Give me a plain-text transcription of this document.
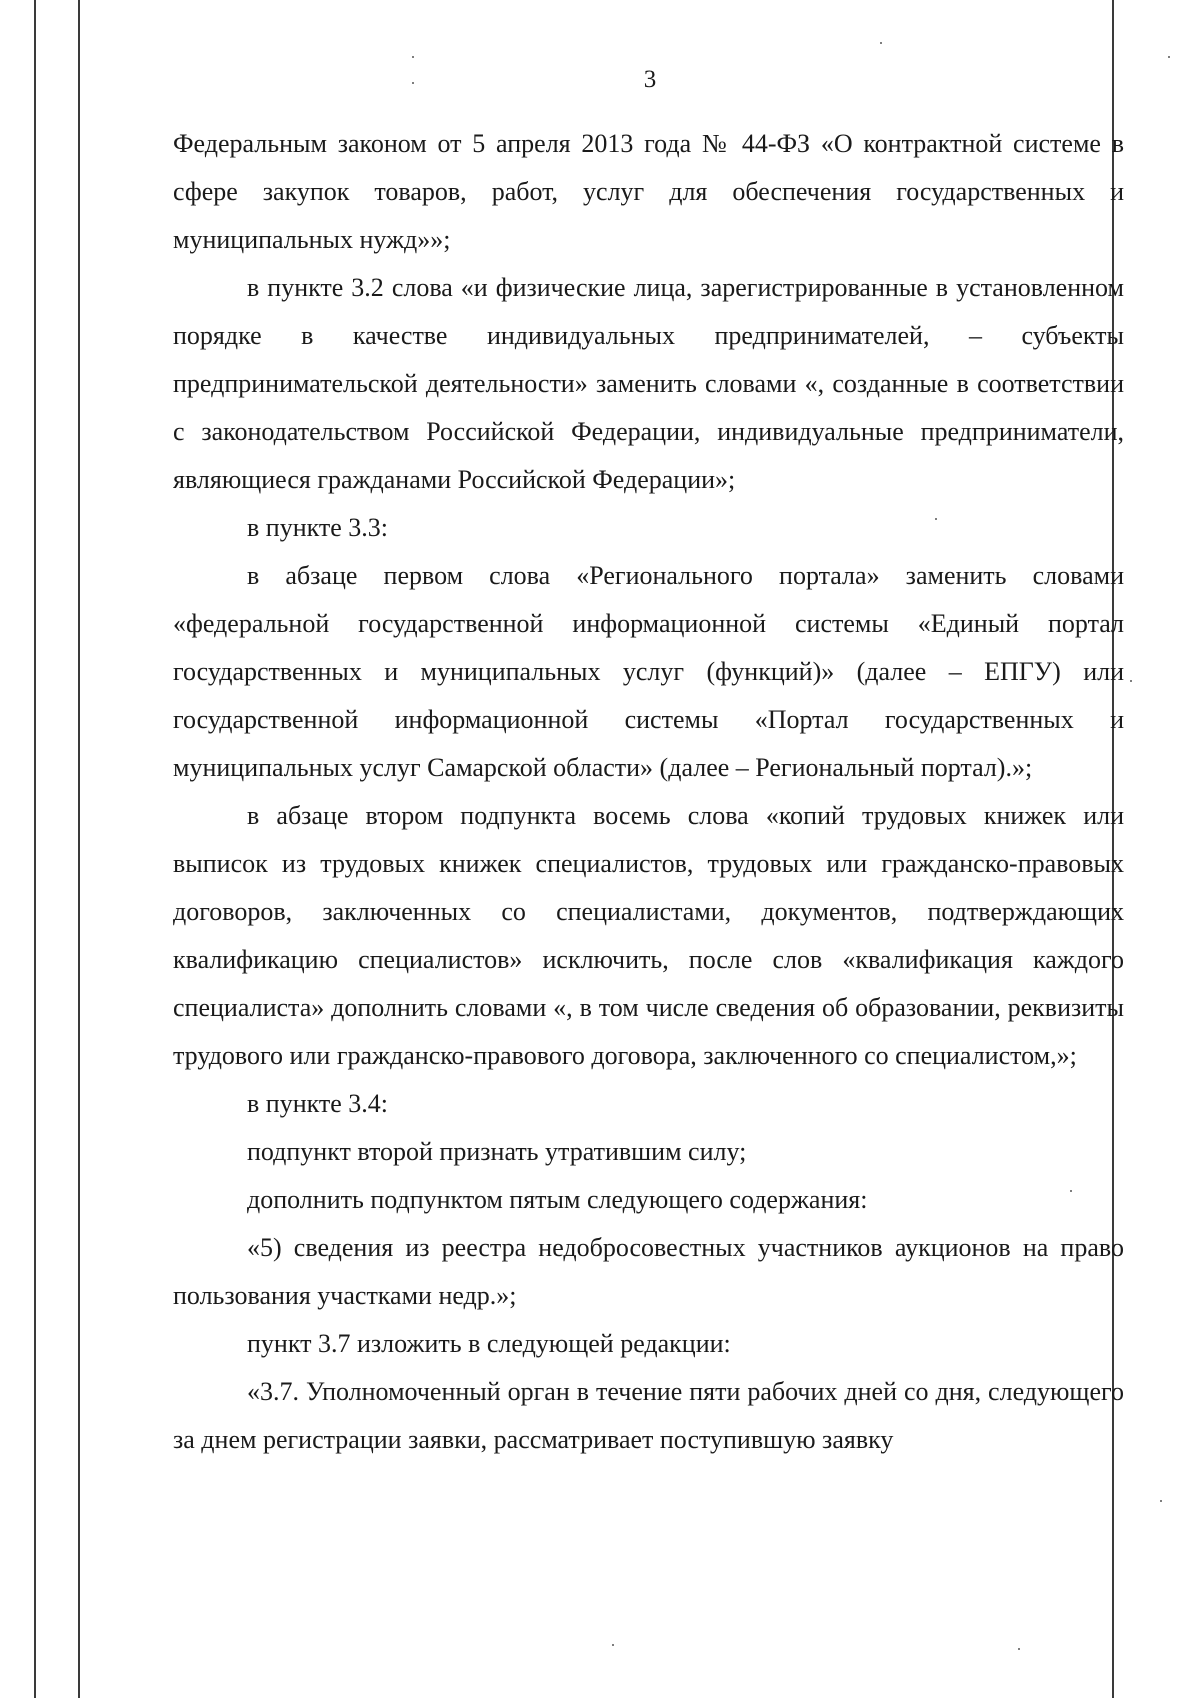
3

Федеральным законом от 5 апреля 2013 года № 44-ФЗ «О контрактной системе в сфере закупок товаров, работ, услуг для обеспечения государственных и муниципальных нужд»»;

в пункте 3.2 слова «и физические лица, зарегистрированные в установленном порядке в качестве индивидуальных предпринимателей, – субъекты предпринимательской деятельности» заменить словами «, созданные в соответствии с законодательством Российской Федерации, индивидуальные предприниматели, являющиеся гражданами Российской Федерации»;

в пункте 3.3:

в абзаце первом слова «Регионального портала» заменить словами «федеральной государственной информационной системы «Единый портал государственных и муниципальных услуг (функций)» (далее – ЕПГУ) или государственной информационной системы «Портал государственных и муниципальных услуг Самарской области» (далее – Региональный портал).»;

в абзаце втором подпункта восемь слова «копий трудовых книжек или выписок из трудовых книжек специалистов, трудовых или гражданско-правовых договоров, заключенных со специалистами, документов, подтверждающих квалификацию специалистов» исключить, после слов «квалификация каждого специалиста» дополнить словами «, в том числе сведения об образовании, реквизиты трудового или гражданско-правового договора, заключенного со специалистом,»;

в пункте 3.4:

подпункт второй признать утратившим силу;

дополнить подпунктом пятым следующего содержания:

«5) сведения из реестра недобросовестных участников аукционов на право пользования участками недр.»;

пункт 3.7 изложить в следующей редакции:

«3.7. Уполномоченный орган в течение пяти рабочих дней со дня, следующего за днем регистрации заявки, рассматривает поступившую заявку
